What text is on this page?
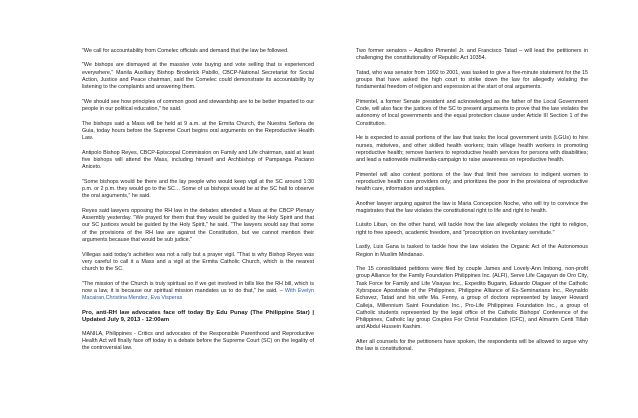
"We call for accountability from Comelec officials and demand that the law be followed.

"We bishops are dismayed at the massive vote buying and vote selling that is experienced everywhere," Manila Auxiliary Bishop Broderick Pabillo, CBCP-National Secretariat for Social Action, Justice and Peace chairman, said the Comelec could demonstrate its accountability by listening to the complaints and answering them.

"We should see how principles of common good and stewardship are to be better imparted to our people in our political education," he said.

The bishops said a Mass will be held at 9 a.m. at the Ermita Church, the Nuestra Señora de Guia, today hours before the Supreme Court begins oral arguments on the Reproductive Health Law.

Antipolo Bishop Reyes, CBCP-Episcopal Commission on Family and Life chairman, said at least five bishops will attend the Mass, including himself and Archbishop of Pampanga Paciano Aniceto.

"Some bishops would be there and the lay people who would keep vigil at the SC around 1:30 p.m. or 2 p.m. they would go to the SC… Some of us bishops would be at the SC hall to observe the oral arguments," he said.

Reyes said lawyers opposing the RH law in the debates attended a Mass at the CBCP Plenary Assembly yesterday. "We prayed for them that they would be guided by the Holy Spirit and that our SC justices would be guided by the Holy Spirit," he said. "The lawyers would say that some of the provisions of the RH law are against the Constitution, but we cannot mention their arguments because that would be sub judice."

Villegas said today's activities was not a rally but a prayer vigil. "That is why Bishop Reyes was very careful to call it a Mass and a vigil at the Ermita Catholic Church, which is the nearest church to the SC.

"The mission of the Church is truly spiritual so if we get involved in bills like the RH bill, which is now a law, it is because our spiritual mission mandates us to do that," he said. – With Evelyn Macairan,Christina Mendez, Eva Visperas

Pro, anti-RH law advocates face off today By Edu Punay (The Philippine Star) | Updated July 9, 2013 - 12:00am

MANILA, Philippines - Critics and advocates of the Responsible Parenthood and Reproductive Health Act will finally face off today in a debate before the Supreme Court (SC) on the legality of the controversial law.

Two former senators – Aquilino Pimentel Jr. and Francisco Tatad – will lead the petitioners in challenging the constitutionality of Republic Act 10354.

Tatad, who was senator from 1992 to 2001, was tasked to give a five-minute statement for the 15 groups that have asked the high court to strike down the law for allegedly violating the fundamental freedom of religion and expression at the start of oral arguments.

Pimentel, a former Senate president and acknowledged as the father of the Local Government Code, will also face the justices of the SC to present arguments to prove that the law violates the autonomy of local governments and the equal protection clause under Article III Section 1 of the Constitution.

He is expected to assail portions of the law that tasks the local government units (LGUs) to hire nurses, midwives, and other skilled health workers; train village health workers in promoting reproductive health; remove barriers to reproductive health services for persons with disabilities; and lead a nationwide multimedia-campaign to raise awareness on reproductive health.

Pimentel will also contest portions of the law that limit free services to indigent women to reproductive health care providers only; and prioritizes the poor in the provisions of reproductive health care, information and supplies.

Another lawyer arguing against the law is Maria Concepcion Noche, who will try to convince the magistrates that the law violates the constitutional right to life and right to health.

Luisito Liban, on the other hand, will tackle how the law allegedly violates the right to religion, right to free speech, academic freedom, and "proscription on involuntary servitude."

Lastly, Luis Gana is tasked to tackle how the law violates the Organic Act of the Autonomous Region in Muslim Mindanao.

The 15 consolidated petitions were filed by couple James and Lovely-Ann Imbong, non-profit group Alliance for the Family Foundation Philippines Inc. (ALFI), Serve Life Cagayan de Oro City, Task Force for Family and Life Visayas Inc., Expedito Bugarin, Eduardo Olaguer of the Catholic Xybrspace Apostolate of the Philippines, Philippine Alliance of Ex-Seminarians Inc., Reynaldo Echavez, Tatad and his wife Ma. Fenny, a group of doctors represented by lawyer Howard Calleja, Millennium Saint Foundation Inc., Pro-Life Philippines Foundation Inc., a group of Catholic students represented by the legal office of the Catholic Bishops' Conference of the Philippines, Catholic lay group Couples For Christ Foundation (CFC), and Almarim Centi Tillah and Abdul Hussein Kashim.

After all counsels for the petitioners have spoken, the respondents will be allowed to argue why the law is constitutional.
